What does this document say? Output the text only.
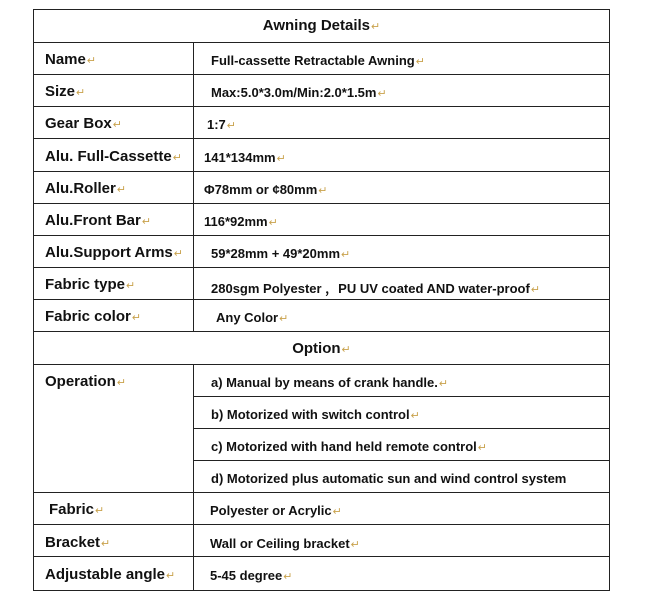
Awning Details↵
Name↵	Full-cassette Retractable Awning↵
Size↵	Max:5.0*3.0m/Min:2.0*1.5m↵
Gear Box↵	1:7↵
Alu. Full-Cassette↵ 141*134mm↵
Alu.Roller↵	Φ78mm or ¢80mm↵
Alu.Front Bar↵	116*92mm↵
Alu.Support Arms↵ 59*28mm + 49*20mm↵
Fabric type↵	280sgm Polyester ，PU UV coated AND water-proof↵
Fabric color↵	Any Color↵
Option↵
Operation↵	a) Manual by means of crank handle.↵
b) Motorized with switch control↵
c) Motorized with hand held remote control↵
d) Motorized plus automatic sun and wind control system
Fabric↵	Polyester or Acrylic↵
Bracket↵	Wall or Ceiling bracket↵
Adjustable angle↵	5-45 degree↵
